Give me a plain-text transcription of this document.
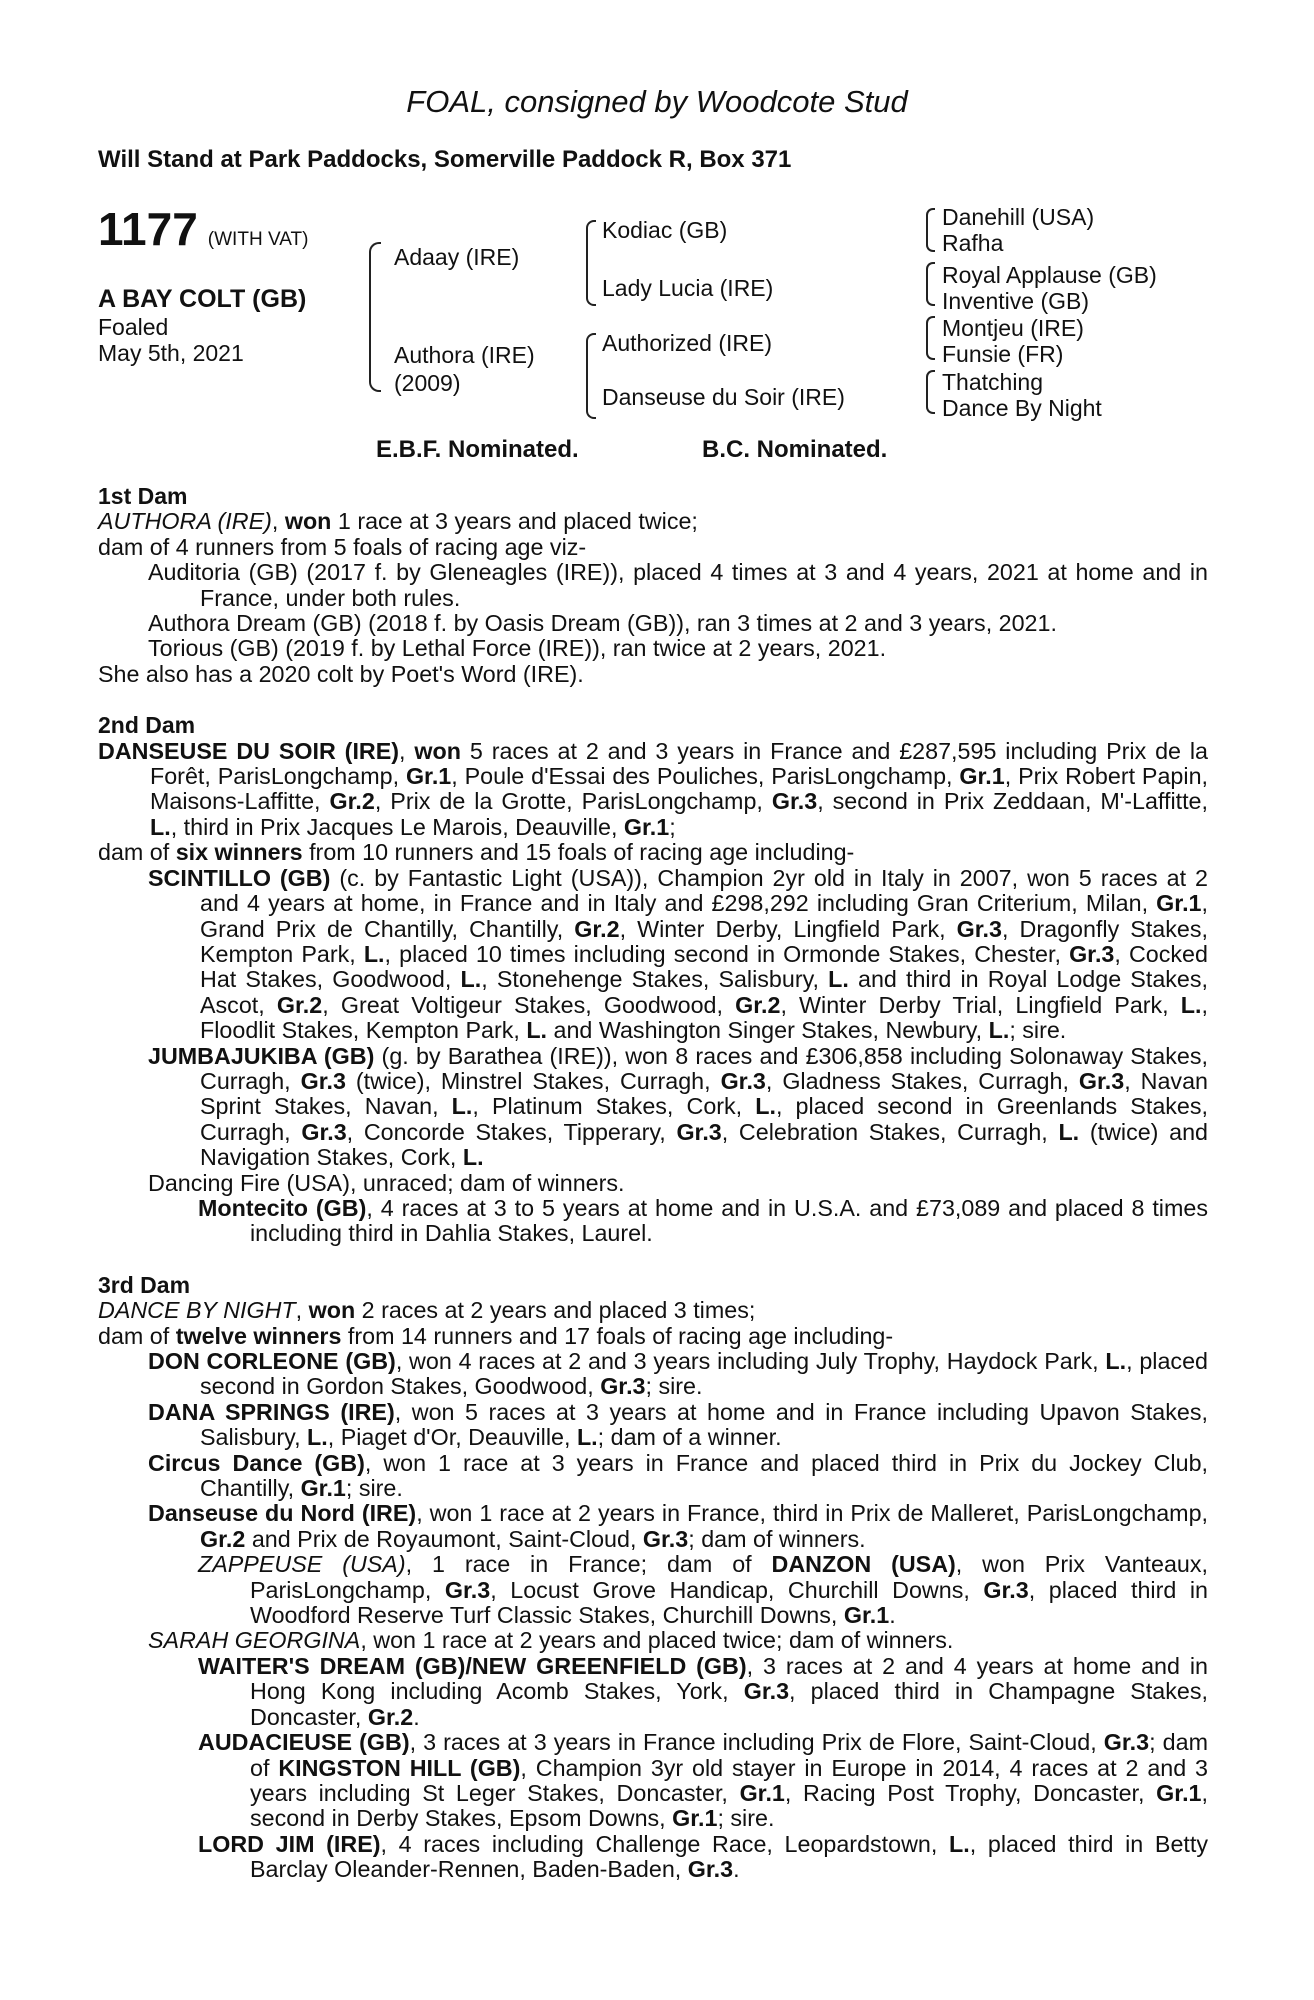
FOAL, consigned by Woodcote Stud
Will Stand at Park Paddocks, Somerville Paddock R, Box 371
1177 (WITH VAT)
A BAY COLT (GB)
Foaled
May 5th, 2021
Adaay (IRE)
Authora (IRE)
(2009)
Kodiac (GB)
Lady Lucia (IRE)
Authorized (IRE)
Danseuse du Soir (IRE)
Danehill (USA)
Rafha
Royal Applause (GB)
Inventive (GB)
Montjeu (IRE)
Funsie (FR)
Thatching
Dance By Night
E.B.F. Nominated.	B.C. Nominated.

1st Dam

AUTHORA (IRE), won 1 race at 3 years and placed twice;

dam of 4 runners from 5 foals of racing age viz-

Auditoria (GB) (2017 f. by Gleneagles (IRE)), placed 4 times at 3 and 4 years, 2021 at home and in France, under both rules.

Authora Dream (GB) (2018 f. by Oasis Dream (GB)), ran 3 times at 2 and 3 years, 2021.

Torious (GB) (2019 f. by Lethal Force (IRE)), ran twice at 2 years, 2021.

She also has a 2020 colt by Poet's Word (IRE).

2nd Dam

DANSEUSE DU SOIR (IRE), won 5 races at 2 and 3 years in France and £287,595 including Prix de la Forêt, ParisLongchamp, Gr.1, Poule d'Essai des Pouliches, ParisLongchamp, Gr.1, Prix Robert Papin, Maisons-Laffitte, Gr.2, Prix de la Grotte, ParisLongchamp, Gr.3, second in Prix Zeddaan, M'-Laffitte, L., third in Prix Jacques Le Marois, Deauville, Gr.1;

dam of six winners from 10 runners and 15 foals of racing age including-

SCINTILLO (GB) (c. by Fantastic Light (USA)), Champion 2yr old in Italy in 2007, won 5 races at 2 and 4 years at home, in France and in Italy and £298,292 including Gran Criterium, Milan, Gr.1, Grand Prix de Chantilly, Chantilly, Gr.2, Winter Derby, Lingfield Park, Gr.3, Dragonfly Stakes, Kempton Park, L., placed 10 times including second in Ormonde Stakes, Chester, Gr.3, Cocked Hat Stakes, Goodwood, L., Stonehenge Stakes, Salisbury, L. and third in Royal Lodge Stakes, Ascot, Gr.2, Great Voltigeur Stakes, Goodwood, Gr.2, Winter Derby Trial, Lingfield Park, L., Floodlit Stakes, Kempton Park, L. and Washington Singer Stakes, Newbury, L.; sire.

JUMBAJUKIBA (GB) (g. by Barathea (IRE)), won 8 races and £306,858 including Solonaway Stakes, Curragh, Gr.3 (twice), Minstrel Stakes, Curragh, Gr.3, Gladness Stakes, Curragh, Gr.3, Navan Sprint Stakes, Navan, L., Platinum Stakes, Cork, L., placed second in Greenlands Stakes, Curragh, Gr.3, Concorde Stakes, Tipperary, Gr.3, Celebration Stakes, Curragh, L. (twice) and Navigation Stakes, Cork, L.

Dancing Fire (USA), unraced; dam of winners.

Montecito (GB), 4 races at 3 to 5 years at home and in U.S.A. and £73,089 and placed 8 times including third in Dahlia Stakes, Laurel.

3rd Dam

DANCE BY NIGHT, won 2 races at 2 years and placed 3 times;

dam of twelve winners from 14 runners and 17 foals of racing age including-

DON CORLEONE (GB), won 4 races at 2 and 3 years including July Trophy, Haydock Park, L., placed second in Gordon Stakes, Goodwood, Gr.3; sire.

DANA SPRINGS (IRE), won 5 races at 3 years at home and in France including Upavon Stakes, Salisbury, L., Piaget d'Or, Deauville, L.; dam of a winner.

Circus Dance (GB), won 1 race at 3 years in France and placed third in Prix du Jockey Club, Chantilly, Gr.1; sire.

Danseuse du Nord (IRE), won 1 race at 2 years in France, third in Prix de Malleret, ParisLongchamp, Gr.2 and Prix de Royaumont, Saint-Cloud, Gr.3; dam of winners.

ZAPPEUSE (USA), 1 race in France; dam of DANZON (USA), won Prix Vanteaux, ParisLongchamp, Gr.3, Locust Grove Handicap, Churchill Downs, Gr.3, placed third in Woodford Reserve Turf Classic Stakes, Churchill Downs, Gr.1.

SARAH GEORGINA, won 1 race at 2 years and placed twice; dam of winners.

WAITER'S DREAM (GB)/NEW GREENFIELD (GB), 3 races at 2 and 4 years at home and in Hong Kong including Acomb Stakes, York, Gr.3, placed third in Champagne Stakes, Doncaster, Gr.2.

AUDACIEUSE (GB), 3 races at 3 years in France including Prix de Flore, Saint-Cloud, Gr.3; dam of KINGSTON HILL (GB), Champion 3yr old stayer in Europe in 2014, 4 races at 2 and 3 years including St Leger Stakes, Doncaster, Gr.1, Racing Post Trophy, Doncaster, Gr.1, second in Derby Stakes, Epsom Downs, Gr.1; sire.

LORD JIM (IRE), 4 races including Challenge Race, Leopardstown, L., placed third in Betty Barclay Oleander-Rennen, Baden-Baden, Gr.3.
